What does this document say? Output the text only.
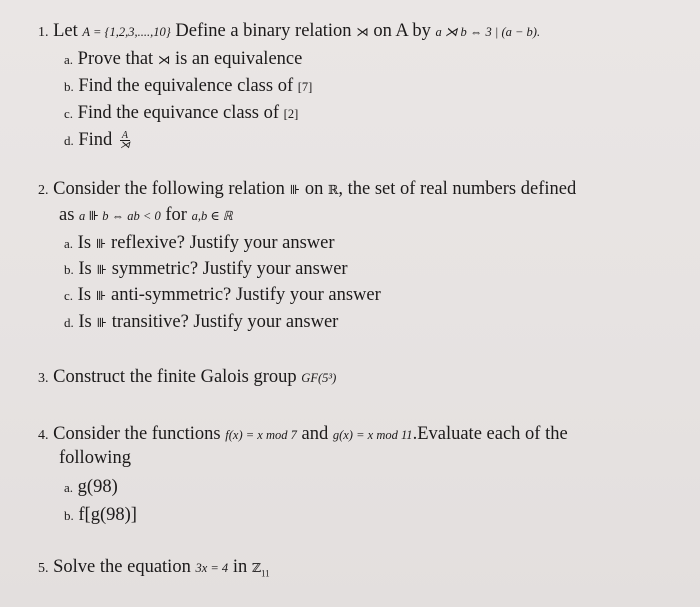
1. Let A = {1,2,3,....,10} Define a binary relation ⋊ on A by a ⋊ b ⇔ 3 | (a − b).
a. Prove that ⋊ is an equivalence
b. Find the equivalence class of [7]
c. Find the equivance class of [2]
d. Find $\frac{A}{⋊}$
2. Consider the following relation ⊪ on ℝ, the set of real numbers defined
as a ⊪ b ⇔ ab < 0 for a,b ∈ ℝ
a. Is ⊪ reflexive? Justify your answer
b. Is ⊪ symmetric? Justify your answer
c. Is ⊪ anti-symmetric? Justify your answer
d. Is ⊪ transitive? Justify your answer
3. Construct the finite Galois group GF(5³)
4. Consider the functions f(x) = x mod 7 and g(x) = x mod 11.Evaluate each of the
following
a. g(98)
b. f[g(98)]
5. Solve the equation 3x = 4 in ℤ$_{11}$
